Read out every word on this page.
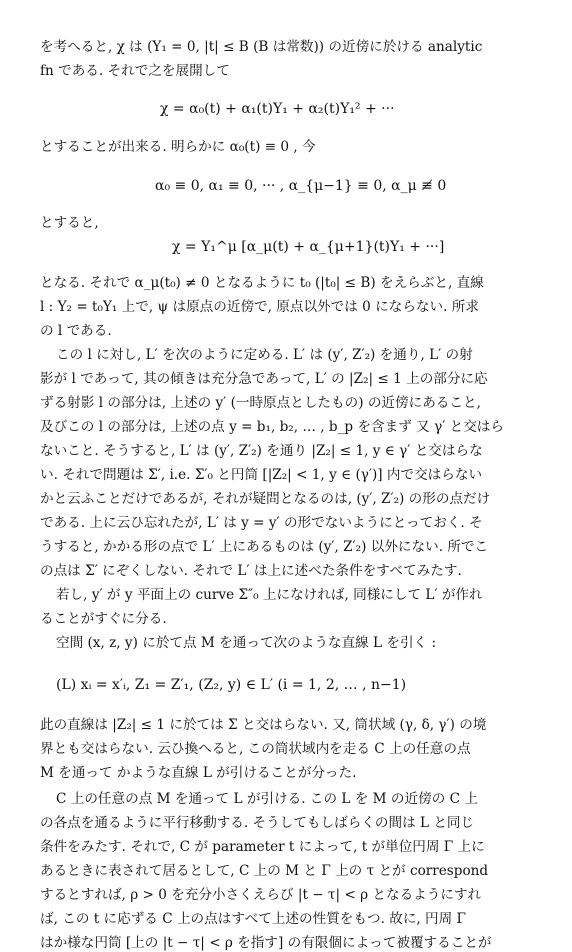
を考へると, χ は (Y₁ = 0, |t| ≤ B (B は常数)) の近傍に於ける analytic
fn である. それで之を展開して
χ = α₀(t) + α₁(t)Y₁ + α₂(t)Y₁² + ···
とすることが出来る. 明らかに α₀(t) ≡ 0 , 今
α₀ ≡ 0, α₁ ≡ 0, ··· , α_{μ−1} ≡ 0, α_μ ≢ 0
とすると,
χ = Y₁^μ [α_μ(t) + α_{μ+1}(t)Y₁ + ···]
となる. それで α_μ(t₀) ≠ 0 となるように t₀ (|t₀| ≤ B) をえらぶと, 直線
l : Y₂ = t₀Y₁ 上で, ψ は原点の近傍で, 原点以外では 0 にならない. 所求
の l である.
この l に対し, L′ を次のように定める. L′ は (y′, Z′₂) を通り, L′ の射
影が l であって, 其の傾きは充分急であって, L′ の |Z₂| ≤ 1 上の部分に応
ずる射影 l の部分は, 上述の y′ (一時原点としたもの) の近傍にあること,
及びこの l の部分は, 上述の点 y = b₁, b₂, … , b_p を含まず 又 γ′ と交はら
ないこと. そうすると, L′ は (y′, Z′₂) を通り |Z₂| ≤ 1, y ∈ γ′ と交はらな
い. それで問題は Σ′, i.e. Σ′₀ と円筒 [|Z₂| < 1, y ∈ (γ′)] 内で交はらない
かと云ふことだけであるが, それが疑問となるのは, (y′, Z′₂) の形の点だけ
である. 上に云ひ忘れたが, L′ は y = y′ の形でないようにとっておく. そ
うすると, かかる形の点で L′ 上にあるものは (y′, Z′₂) 以外にない. 所でこ
の点は Σ′ にぞくしない. それで L′ は上に述べた条件をすべてみたす.
若し, y′ が y 平面上の curve Σ″₀ 上になければ, 同様にして L′ が作れ
ることがすぐに分る.
空間 (x, z, y) に於て点 M を通って次のような直線 L を引く :
(L) xᵢ = x′ᵢ, Z₁ = Z′₁, (Z₂, y) ∈ L′ (i = 1, 2, … , n−1)
此の直線は |Z₂| ≤ 1 に於ては Σ と交はらない. 又, 筒状域 (γ, δ, γ′) の境
界とも交はらない. 云ひ換へると, この筒状域内を走る C 上の任意の点
M を通って かような直線 L が引けることが分った.
C 上の任意の点 M を通って L が引ける. この L を M の近傍の C 上
の各点を通るように平行移動する. そうしてもしばらくの間は L と同じ
条件をみたす. それで, C が parameter t によって, t が単位円周 Γ 上に
あるときに表されて居るとして, C 上の M と Γ 上の τ とが correspond
するとすれば, ρ > 0 を充分小さくえらび |t − τ| < ρ となるようにすれ
ば, この t に応ずる C 上の点はすべて上述の性質をもつ. 故に, 円周 Γ
はか様な円筒 [上の |t − τ| < ρ を指す] の有限個によって被覆することが
